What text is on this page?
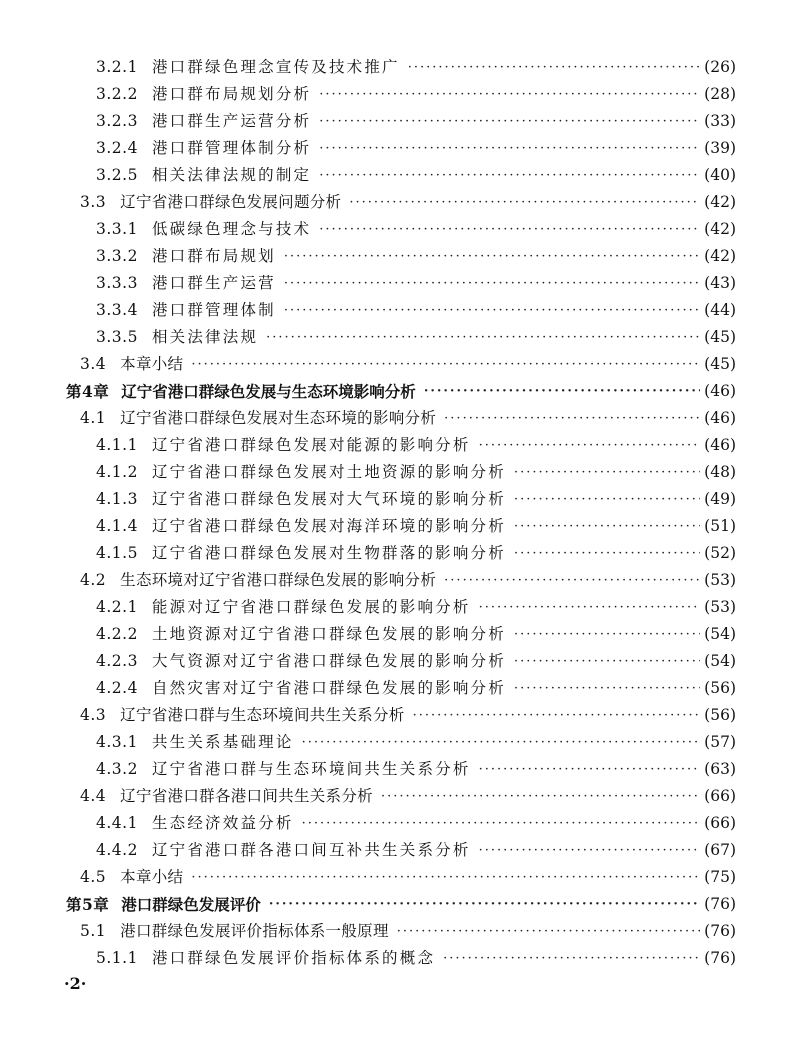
3.2.1 港口群绿色理念宣传及技术推广 ·····	(26)
3.2.2 港口群布局规划分析 ·····	(28)
3.2.3 港口群生产运营分析 ·····	(33)
3.2.4 港口群管理体制分析 ·····	(39)
3.2.5 相关法律法规的制定 ·····	(40)
3.3 辽宁省港口群绿色发展问题分析 ·····	(42)
3.3.1 低碳绿色理念与技术 ·····	(42)
3.3.2 港口群布局规划 ·····	(42)
3.3.3 港口群生产运营 ·····	(43)
3.3.4 港口群管理体制 ·····	(44)
3.3.5 相关法律法规 ·····	(45)
3.4 本章小结 ·····	(45)
第4章 辽宁省港口群绿色发展与生态环境影响分析 ·····	(46)
4.1 辽宁省港口群绿色发展对生态环境的影响分析 ·····	(46)
4.1.1 辽宁省港口群绿色发展对能源的影响分析 ·····	(46)
4.1.2 辽宁省港口群绿色发展对土地资源的影响分析 ·····	(48)
4.1.3 辽宁省港口群绿色发展对大气环境的影响分析 ·····	(49)
4.1.4 辽宁省港口群绿色发展对海洋环境的影响分析 ·····	(51)
4.1.5 辽宁省港口群绿色发展对生物群落的影响分析 ·····	(52)
4.2 生态环境对辽宁省港口群绿色发展的影响分析 ·····	(53)
4.2.1 能源对辽宁省港口群绿色发展的影响分析 ·····	(53)
4.2.2 土地资源对辽宁省港口群绿色发展的影响分析 ·····	(54)
4.2.3 大气资源对辽宁省港口群绿色发展的影响分析 ·····	(54)
4.2.4 自然灾害对辽宁省港口群绿色发展的影响分析 ·····	(56)
4.3 辽宁省港口群与生态环境间共生关系分析 ·····	(56)
4.3.1 共生关系基础理论 ·····	(57)
4.3.2 辽宁省港口群与生态环境间共生关系分析 ·····	(63)
4.4 辽宁省港口群各港口间共生关系分析 ·····	(66)
4.4.1 生态经济效益分析 ·····	(66)
4.4.2 辽宁省港口群各港口间互补共生关系分析 ·····	(67)
4.5 本章小结 ·····	(75)
第5章 港口群绿色发展评价 ·····	(76)
5.1 港口群绿色发展评价指标体系一般原理 ·····	(76)
5.1.1 港口群绿色发展评价指标体系的概念 ·····	(76)
·2·
